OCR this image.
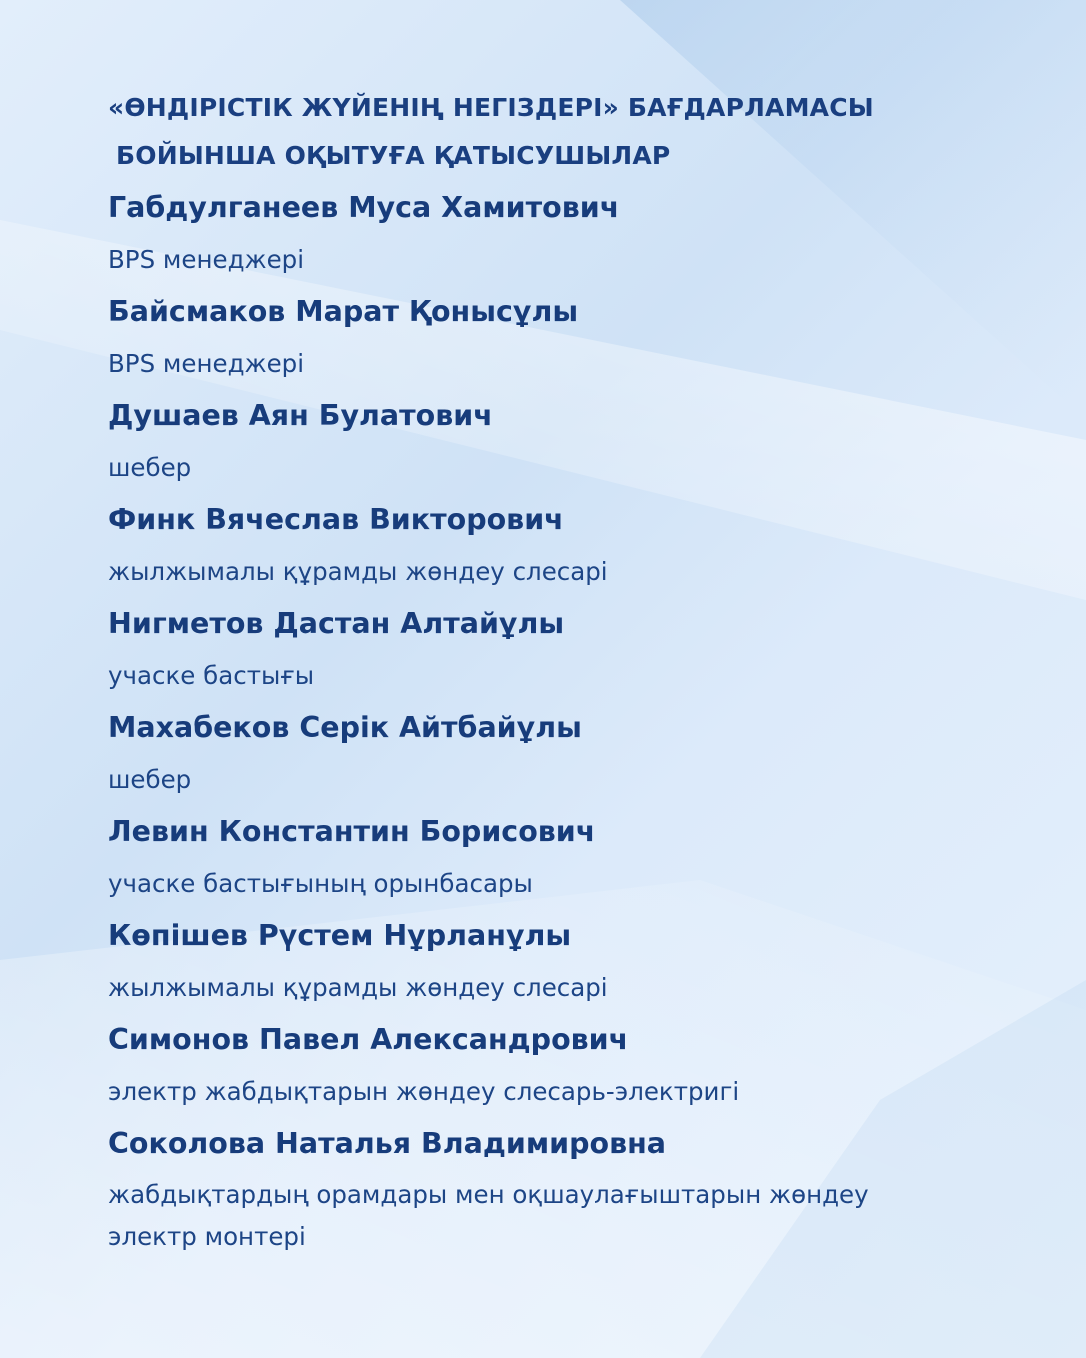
«ӨНДІРІСТІК ЖҮЙЕНІҢ НЕГІЗДЕРІ» БАҒДАРЛАМАСЫ
БОЙЫНША ОҚЫТУҒА ҚАТЫСУШЫЛАР
Габдулганеев Муса Хамитович
BPS менеджері
Байсмаков Марат Қонысұлы
BPS менеджері
Душаев Аян Булатович
шебер
Финк Вячеслав Викторович
жылжымалы құрамды жөндеу слесарі
Нигметов Дастан Алтайұлы
учаске бастығы
Махабеков Серік Айтбайұлы
шебер
Левин Константин Борисович
учаске бастығының орынбасары
Көпішев Рүстем Нұрланұлы
жылжымалы құрамды жөндеу слесарі
Симонов Павел Александрович
электр жабдықтарын жөндеу слесарь-электригі
Соколова Наталья Владимировна
жабдықтардың орамдары мен оқшаулағыштарын жөндеу электр монтері
